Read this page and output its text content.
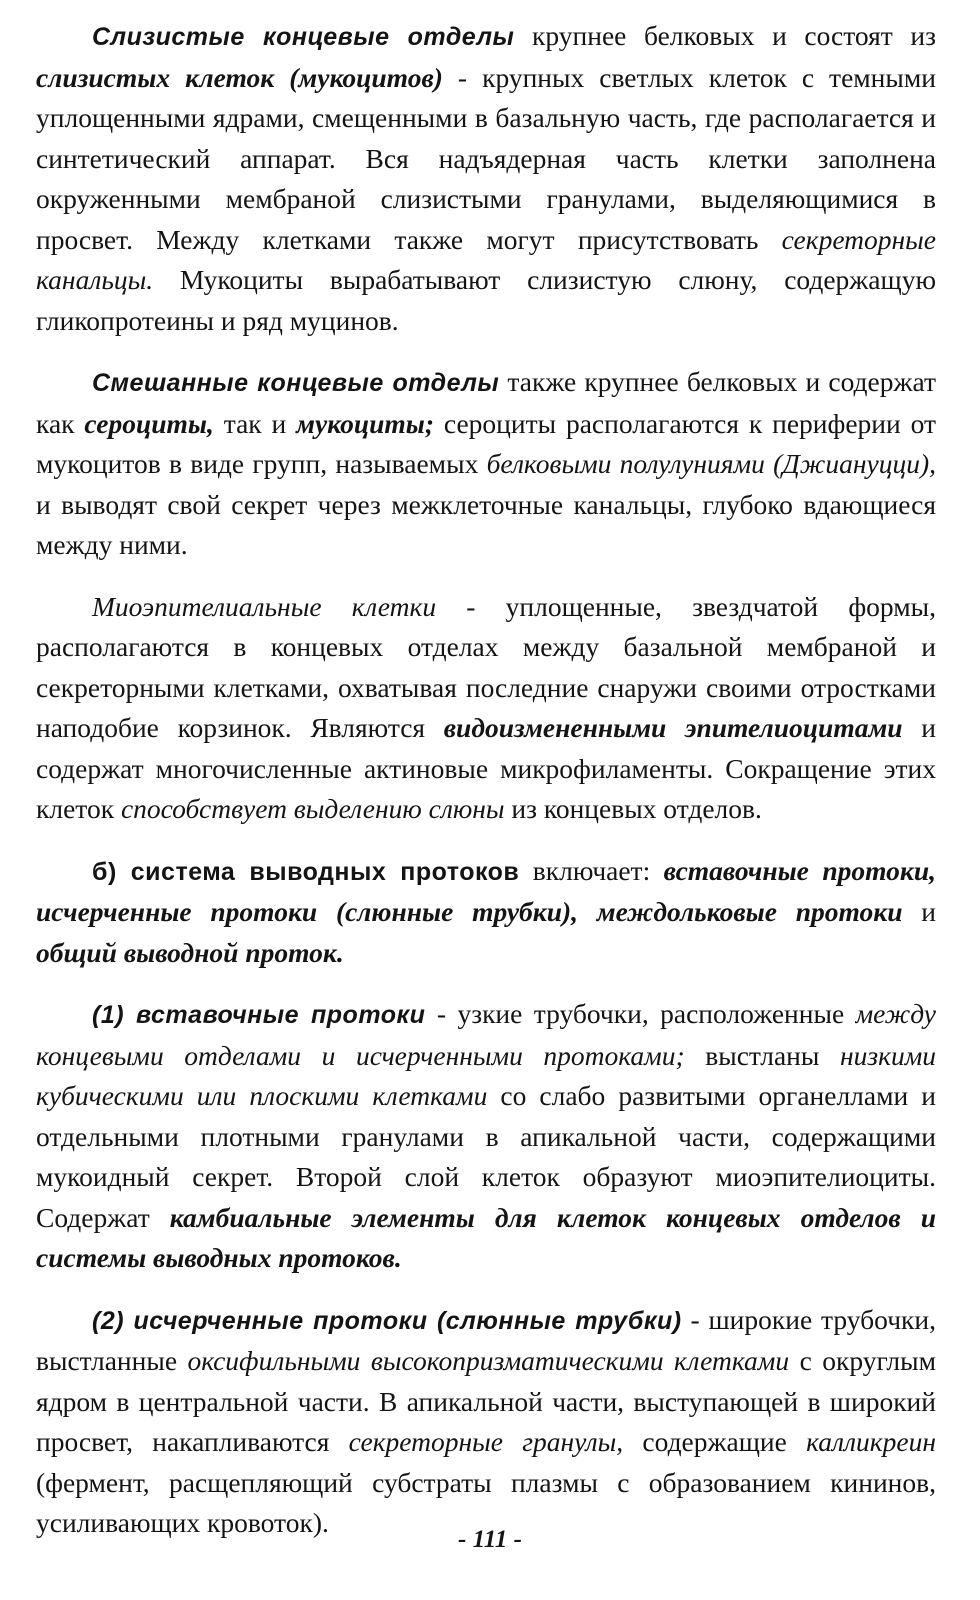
Слизистые концевые отделы крупнее белковых и состоят из слизистых клеток (мукоцитов) - крупных светлых клеток с темными уплощенными ядрами, смещенными в базальную часть, где располагается и синтетический аппарат. Вся надъядерная часть клетки заполнена окруженными мембраной слизистыми гранулами, выделяющимися в просвет. Между клетками также могут присутствовать секреторные канальцы. Мукоциты вырабатывают слизистую слюну, содержащую гликопротеины и ряд муцинов.

Смешанные концевые отделы также крупнее белковых и содержат как сероциты, так и мукоциты; сероциты располагаются к периферии от мукоцитов в виде групп, называемых белковыми полулуниями (Джиануцци), и выводят свой секрет через межклеточные канальцы, глубоко вдающиеся между ними.

Миоэпителиальные клетки - уплощенные, звездчатой формы, располагаются в концевых отделах между базальной мембраной и секреторными клетками, охватывая последние снаружи своими отростками наподобие корзинок. Являются видоизмененными эпителиоцитами и содержат многочисленные актиновые микрофиламенты. Сокращение этих клеток способствует выделению слюны из концевых отделов.

б) система выводных протоков включает: вставочные протоки, исчерченные протоки (слюнные трубки), междольковые протоки и общий выводной проток.

(1) вставочные протоки - узкие трубочки, расположенные между концевыми отделами и исчерченными протоками; выстланы низкими кубическими или плоскими клетками со слабо развитыми органеллами и отдельными плотными гранулами в апикальной части, содержащими мукоидный секрет. Второй слой клеток образуют миоэпителиоциты. Содержат камбиальные элементы для клеток концевых отделов и системы выводных протоков.

(2) исчерченные протоки (слюнные трубки) - широкие трубочки, выстланные оксифильными высокопризматическими клетками с округлым ядром в центральной части. В апикальной части, выступающей в широкий просвет, накапливаются секреторные гранулы, содержащие калликреин (фермент, расщепляющий субстраты плазмы с образованием кининов, усиливающих кровоток).

- 111 -
